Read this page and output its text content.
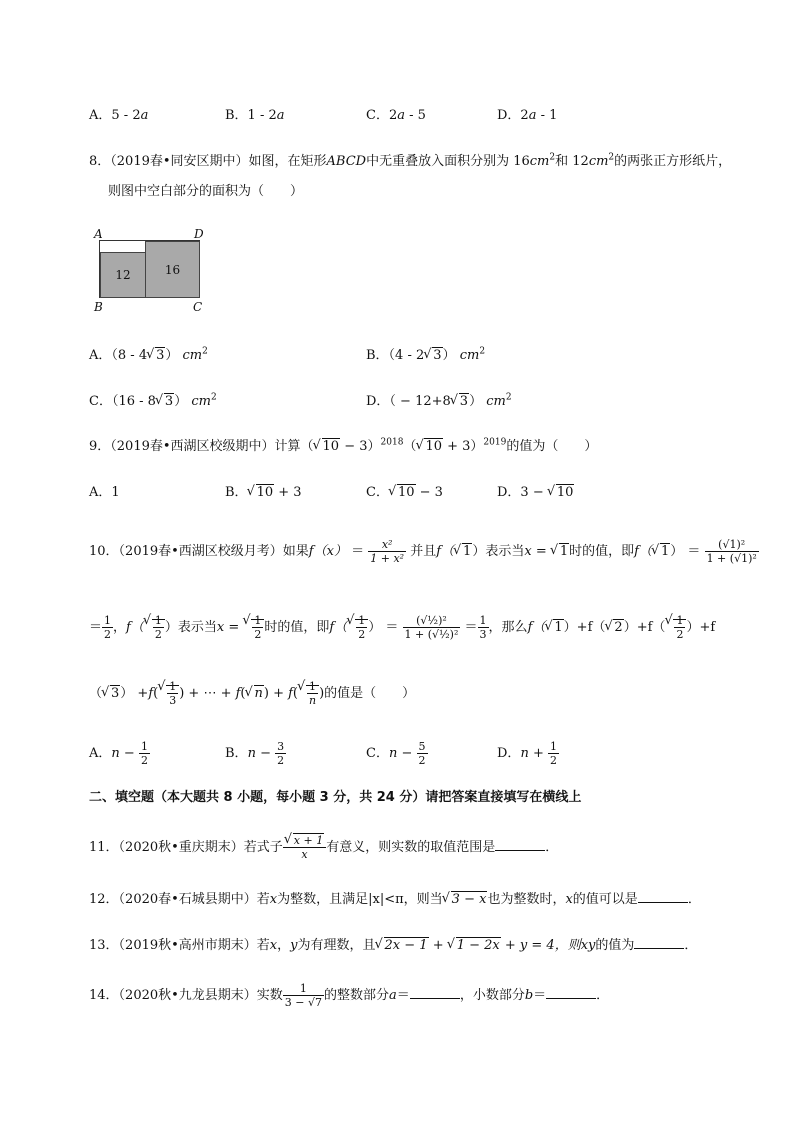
A．5 - 2a	B．1 - 2a	C．2a - 5	D．2a - 1
8．（2019春•同安区期中）如图，在矩形ABCD中无重叠放入面积分别为 $16cm^2$和 $12cm^2$的两张正方形纸片，
则图中空白部分的面积为（　　）
12	16
A	D
B	C
A．（8 - 4 √ 3） $cm^2$	B．（4 - 2 √ 3） $cm^2$
C．（16 - 8 √ 3） $cm^2$	D．（ − 12+8 √ 3） $cm^2$
9．（2019春•西湖区校级期中）计算（ √ 10 − 3）$^{2018}$（ √ 10 + 3）$^{2019}$的值为（　　）
A．1	B． √ 10 + 3	C． √ 10 − 3	D．3 − √ 10
10．（2019春•西湖区校级月考）如果$f(x) = \frac{\text{x²}}{\text{1 + x²}}$ 并且f（ √ 1）表示当x = √ 1时的值，即f（ √ $1) = \frac{\text{(√1)²}}{\text{1 + (√1)²}}$
＝ $\frac{1}{2}$ ，f（ √ $\frac{1}{2}$ ）表示当x = √ $\frac{1}{2}$ 时的值，即f（ √ $\frac{1}{2}$ ） ＝ $\frac{\text{(√½)²}}{\text{1 + (√½)²}} = \frac{1}{3}$ ，那么f（ √ 1）+f（ √ 2）+f（ √ $\frac{1}{2} )+f$
（ √ 3） +f( √ $\frac{1}{3}$ ) + ⋯ + f( √ n) + f( √ $\frac{1}{n}$ )的值是（　　）
A．$n - \frac{1}{2}$	B．$n - \frac{3}{2}$	C．$n - \frac{5}{2}$	D．$n + \frac{1}{2}$
二、填空题（本大题共 8 小题，每小题 3 分，共 24 分）请把答案直接填写在横线上
11．（2020秋•重庆期末）若式子 √ $\frac{x + 1}{x}$ 有意义，则实数的取值范围是	．
12．（2020春•石城县期中）若x为整数，且满足|x|<π，则当 √ 3 − x也为整数时，x的值可以是	．
13．（2019秋•高州市期末）若x，y为有理数，且 √ 2x − 1 + √ 1 − 2x + y = 4，则xy的值为	．
14．（2020秋•九龙县期末）实数 $\frac{1}{3 - √7}$ 的整数部分a＝	，小数部分b＝	．
